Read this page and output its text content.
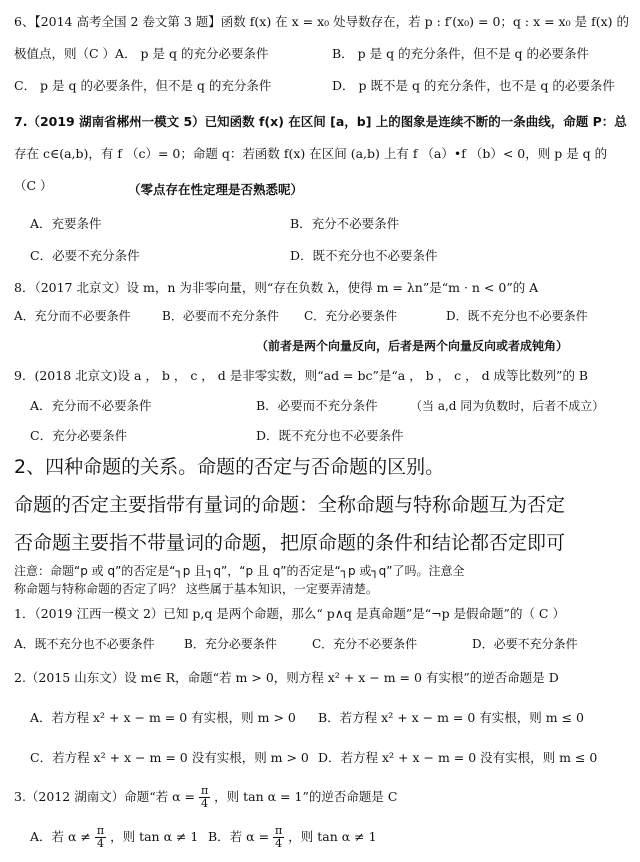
6、【2014 高考全国 2 卷文第 3 题】函数 f(x) 在 x = x₀ 处导数存在，若 p : f′(x₀) = 0；q : x = x₀ 是 f(x) 的
极值点，则（C ）A． p 是 q 的充分必要条件	B． p 是 q 的充分条件，但不是 q 的必要条件
C． p 是 q 的必要条件，但不是 q 的充分条件	D． p 既不是 q 的充分条件，也不是 q 的必要条件
7.（2019 湖南省郴州一模文 5）已知函数 f(x) 在区间 [a，b] 上的图象是连续不断的一条曲线，命题 P：总
存在 c∈(a,b)，有 f （c）= 0；命题 q：若函数 f(x) 在区间 (a,b) 上有 f （a）•f （b）< 0，则 p 是 q 的
（C ）	（零点存在性定理是否熟悉呢）
A．充要条件	B．充分不必要条件
C．必要不充分条件	D．既不充分也不必要条件
8．（2017 北京文）设 m，n 为非零向量，则“存在负数 λ，使得 m = λn”是“m · n < 0”的 A
A．充分而不必要条件	B．必要而不充分条件 C．充分必要条件	D．既不充分也不必要条件
（前者是两个向量反向，后者是两个向量反向或者成钝角）
9．(2018 北京文)设 a ， b ， c ， d 是非零实数，则“ad = bc”是“a ， b ， c ， d 成等比数列”的 B
A．充分而不必要条件	B．必要而不充分条件	（当 a,d 同为负数时，后者不成立）
C．充分必要条件	D．既不充分也不必要条件
2、四种命题的关系。命题的否定与否命题的区别。
命题的否定主要指带有量词的命题：全称命题与特称命题互为否定
否命题主要指不带量词的命题，把原命题的条件和结论都否定即可
注意：命题“p 或 q”的否定是“┐p 且┐q”，“p 且 q”的否定是“┐p 或┐q”了吗。注意全
称命题与特称命题的否定了吗？ 这些属于基本知识，一定要弄清楚。
1．（2019 江西一模文 2）已知 p,q 是两个命题，那么“ p∧q 是真命题”是“¬p 是假命题”的（ C ）
A．既不充分也不必要条件 B．充分必要条件	C．充分不必要条件	D．必要不充分条件
2.（2015 山东文）设 m∈ R，命题“若 m > 0，则方程 x² + x − m = 0 有实根”的逆否命题是 D
A．若方程 x² + x − m = 0 有实根，则 m > 0 B．若方程 x² + x − m = 0 有实根，则 m ≤ 0
C．若方程 x² + x − m = 0 没有实根，则 m > 0 D．若方程 x² + x − m = 0 没有实根，则 m ≤ 0
3.（2012 湖南文）命题“若 $\alpha = \frac{\pi}{4}$ ，则 tan α = 1”的逆否命题是 C
A．若 $\alpha \ne \frac{\pi}{4}$ ，则 tan α ≠ 1 B．若 $\alpha = \frac{\pi}{4}$ ，则 tan α ≠ 1
